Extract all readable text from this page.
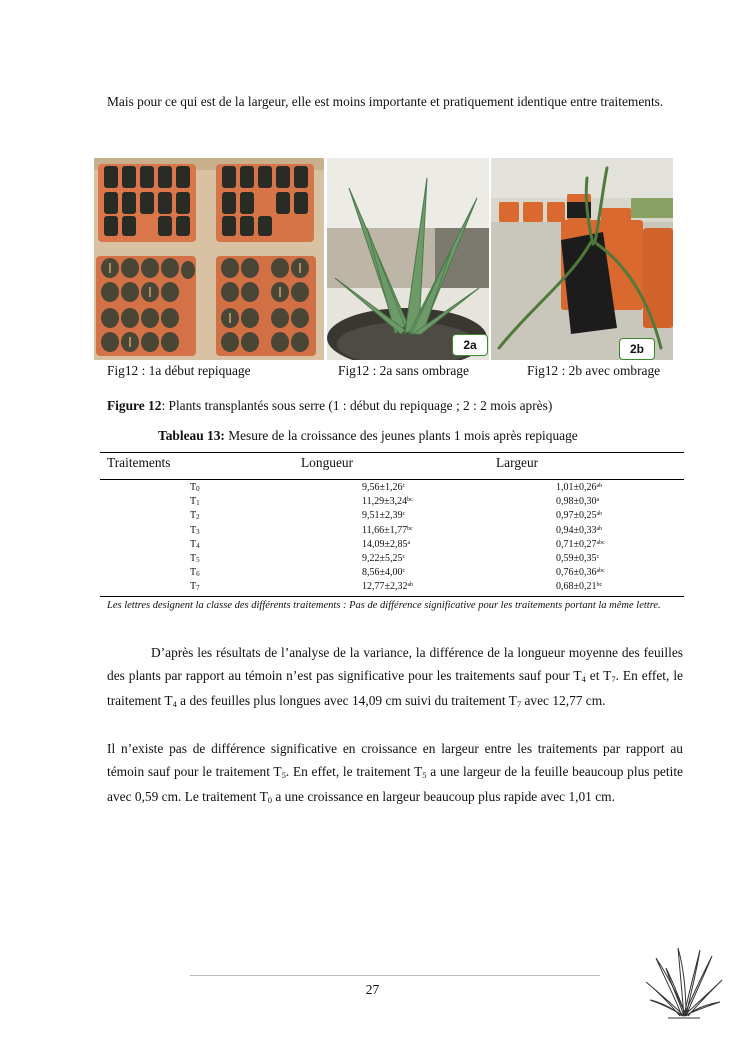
Mais pour ce qui est de la largeur, elle est moins importante et pratiquement identique entre traitements.

2a	2b
Fig12 : 1a début repiquage	Fig12 : 2a sans ombrage	Fig12 : 2b avec ombrage
Figure 12: Plants transplantés sous serre (1 : début du repiquage ; 2 : 2 mois après)
Tableau 13: Mesure de la croissance des jeunes plants 1 mois après repiquage
Traitements	Longueur	Largeur
$T_0$	9,56±1,26$^c$	1,01±0,26$^{ab}$
$T_1$	11,29±3,24$^{bc}$	0,98±0,30$^a$
$T_2$	9,51±2,39$^c$	0,97±0,25$^{ab}$
$T_3$	11,66±1,77$^{bc}$	0,94±0,33$^{ab}$
$T_4$	14,09±2,85$^a$	0,71±0,27$^{abc}$
$T_5$	9,22±5,25$^c$	0,59±0,35$^c$
$T_6$	8,56±4,00$^c$	0,76±0,36$^{abc}$
$T_7$	12,77±2,32$^{ab}$	0,68±0,21$^{bc}$
Les lettres designent la classe des différents traitements : Pas de différence significative pour les traitements portant la même lettre.

D’après les résultats de l’analyse de la variance, la différence de la longueur moyenne des feuilles des plants par rapport au témoin n’est pas significative pour les traitements sauf pour $T_4$ et $T_7$. En effet, le traitement $T_4$ a des feuilles plus longues avec 14,09 cm suivi du traitement $T_7$ avec 12,77 cm.

Il n’existe pas de différence significative en croissance en largeur entre les traitements par rapport au témoin sauf pour le traitement $T_5$. En effet, le traitement $T_5$ a une largeur de la feuille beaucoup plus petite avec 0,59 cm. Le traitement $T_0$ a une croissance en largeur beaucoup plus rapide avec 1,01 cm.

27
